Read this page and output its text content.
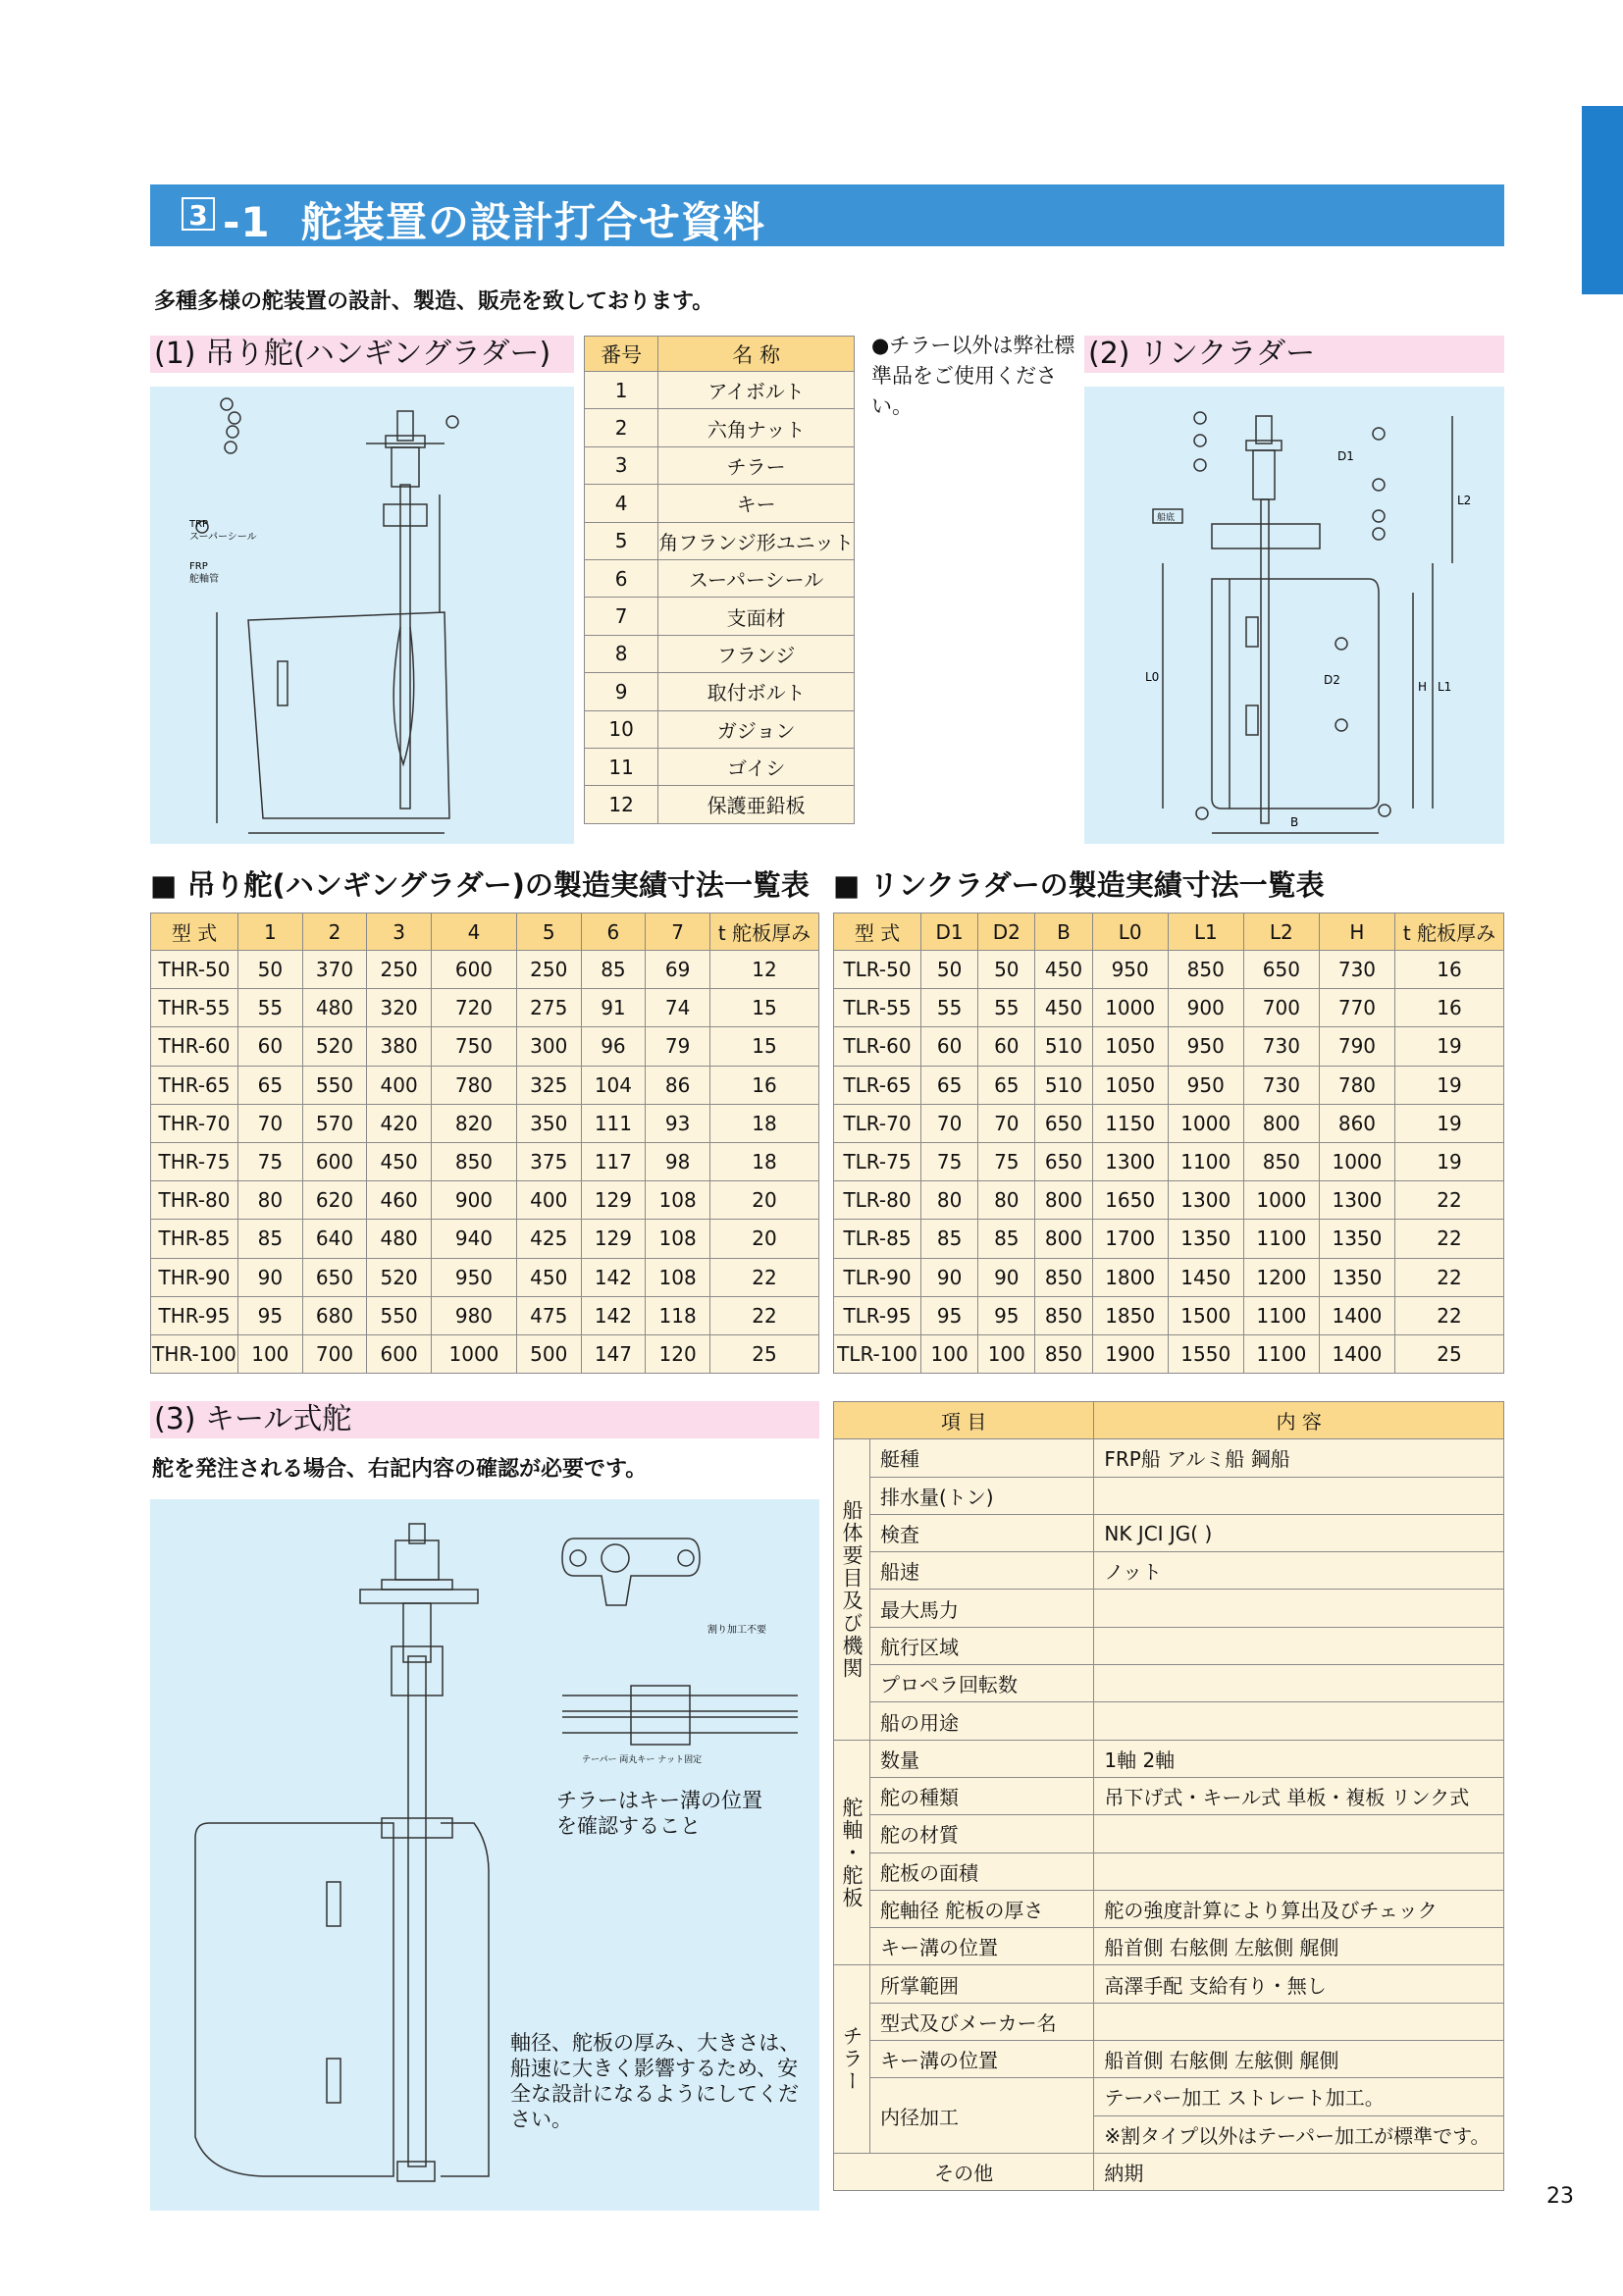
3 -1 舵装置の設計打合せ資料
多種多様の舵装置の設計、製造、販売を致しております。
(1) 吊り舵(ハンギングラダー)
TRP
スーパーシール
FRP
舵軸管
番号	名 称
1	アイボルト
2	六角ナット
3	チラー
4	キー
5	角フランジ形ユニット
6	スーパーシール
7	支面材
8	フランジ
9	取付ボルト
10	ガジョン
11	ゴイシ
12	保護亜鉛板
●チラー以外は弊社標準品をご使用ください。
(2) リンクラダー
船底
D1
D2
L2
L1
L0
H
B
■ 吊り舵(ハンギングラダー)の製造実績寸法一覧表 ■ リンクラダーの製造実績寸法一覧表
型 式	1	2	3	4	5	6	7	t 舵板厚み
THR-50	50	370	250	600	250	85	69	12
THR-55	55	480	320	720	275	91	74	15
THR-60	60	520	380	750	300	96	79	15
THR-65	65	550	400	780	325	104	86	16
THR-70	70	570	420	820	350	111	93	18
THR-75	75	600	450	850	375	117	98	18
THR-80	80	620	460	900	400	129	108	20
THR-85	85	640	480	940	425	129	108	20
THR-90	90	650	520	950	450	142	108	22
THR-95	95	680	550	980	475	142	118	22
THR-100	100	700	600	1000	500	147	120	25
型 式	D1	D2	B	L0	L1	L2	H	t 舵板厚み
TLR-50	50	50	450	950	850	650	730	16
TLR-55	55	55	450	1000	900	700	770	16
TLR-60	60	60	510	1050	950	730	790	19
TLR-65	65	65	510	1050	950	730	780	19
TLR-70	70	70	650	1150	1000	800	860	19
TLR-75	75	75	650	1300	1100	850	1000	19
TLR-80	80	80	800	1650	1300	1000	1300	22
TLR-85	85	85	800	1700	1350	1100	1350	22
TLR-90	90	90	850	1800	1450	1200	1350	22
TLR-95	95	95	850	1850	1500	1100	1400	22
TLR-100	100	100	850	1900	1550	1100	1400	25
(3) キール式舵
舵を発注される場合、右記内容の確認が必要です。
割り加工不要
テーパー 両丸キー ナット固定
チラーはキー溝の位置を確認すること
軸径、舵板の厚み、大きさは、船速に大きく影響するため、安全な設計になるようにしてください。
項 目		内 容
船体要目及び機関	艇種	FRP船 アルミ船 鋼船
	排水量(トン)	
	検査	NK JCI JG( )
	船速	ノット
	最大馬力	
	航行区域	
	プロペラ回転数	
	船の用途	
舵軸・舵板	数量	1軸 2軸
	舵の種類	吊下げ式・キール式 単板・複板 リンク式
	舵の材質	
	舵板の面積	
	舵軸径 舵板の厚さ	舵の強度計算により算出及びチェック
	キー溝の位置	船首側 右舷側 左舷側 艉側
チラー	所掌範囲	高澤手配 支給有り・無し
	型式及びメーカー名	
	キー溝の位置	船首側 右舷側 左舷側 艉側
	内径加工	テーパー加工 ストレート加工。
		※割タイプ以外はテーパー加工が標準です。
その他		納期
23
